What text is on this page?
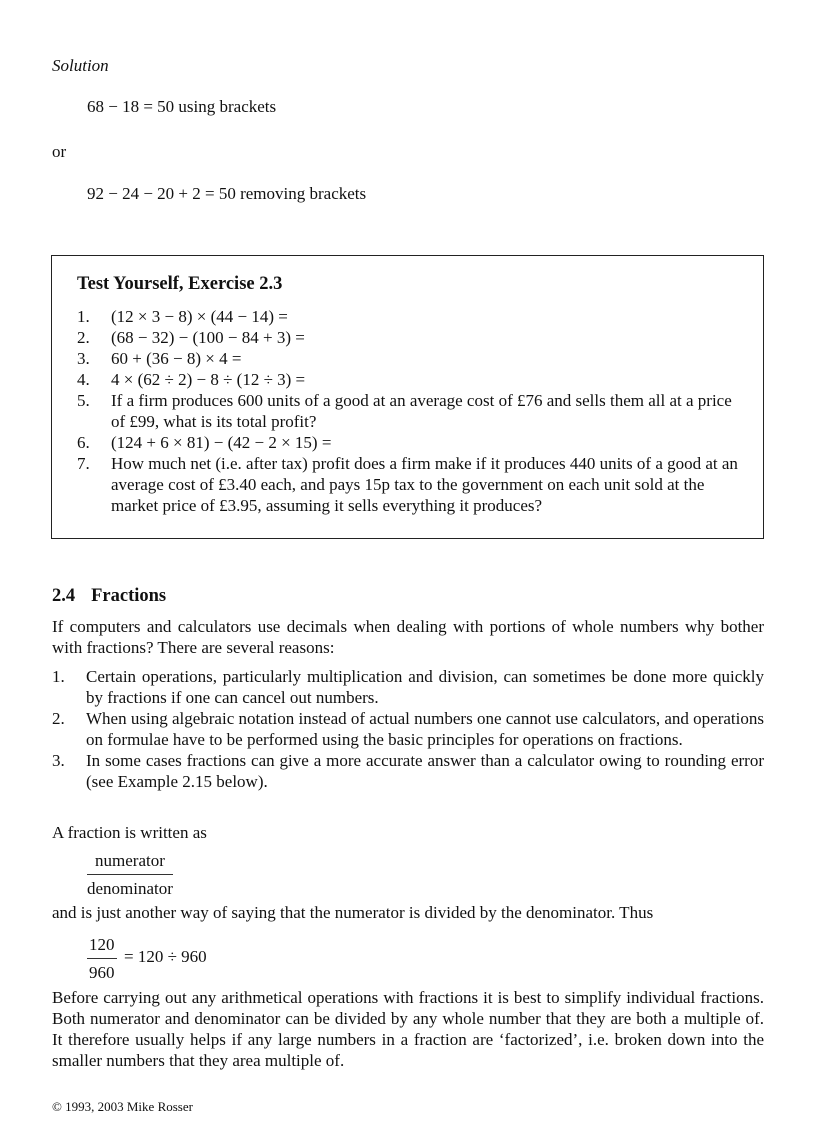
Solution
68 − 18 = 50 using brackets
or
92 − 24 − 20 + 2 = 50 removing brackets
Test Yourself, Exercise 2.3
1. (12 × 3 − 8) × (44 − 14) =
2. (68 − 32) − (100 − 84 + 3) =
3. 60 + (36 − 8) × 4 =
4. 4 × (62 ÷ 2) − 8 ÷ (12 ÷ 3) =
5. If a firm produces 600 units of a good at an average cost of £76 and sells them all at a price of £99, what is its total profit?
6. (124 + 6 × 81) − (42 − 2 × 15) =
7. How much net (i.e. after tax) profit does a firm make if it produces 440 units of a good at an average cost of £3.40 each, and pays 15p tax to the government on each unit sold at the market price of £3.95, assuming it sells everything it produces?
2.4 Fractions
If computers and calculators use decimals when dealing with portions of whole numbers why bother with fractions? There are several reasons:
1. Certain operations, particularly multiplication and division, can sometimes be done more quickly by fractions if one can cancel out numbers.
2. When using algebraic notation instead of actual numbers one cannot use calculators, and operations on formulae have to be performed using the basic principles for operations on fractions.
3. In some cases fractions can give a more accurate answer than a calculator owing to rounding error (see Example 2.15 below).
A fraction is written as
numerator
denominator
and is just another way of saying that the numerator is divided by the denominator. Thus
$\frac{120}{960} = 120 \div 960$
Before carrying out any arithmetical operations with fractions it is best to simplify individual fractions. Both numerator and denominator can be divided by any whole number that they are both a multiple of. It therefore usually helps if any large numbers in a fraction are ‘factorized’, i.e. broken down into the smaller numbers that they area multiple of.
© 1993, 2003 Mike Rosser
